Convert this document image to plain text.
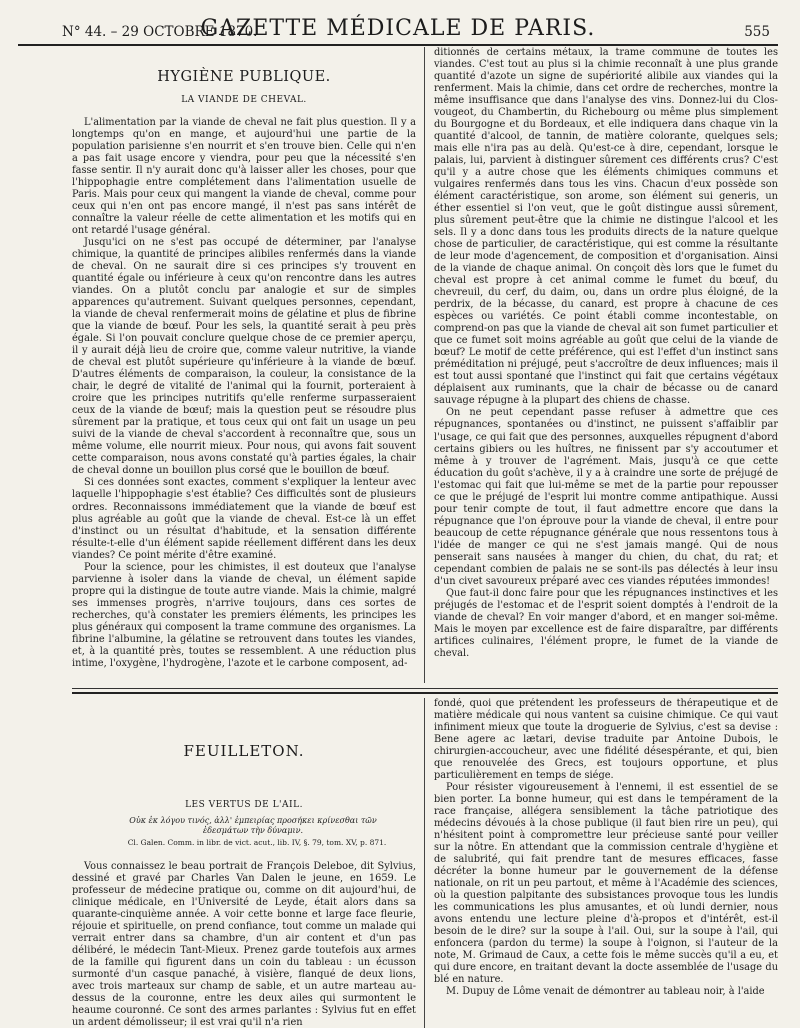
N° 44. – 29 OCTOBRE 1870.
GAZETTE MÉDICALE DE PARIS.	555
HYGIÈNE PUBLIQUE.
LA VIANDE DE CHEVAL.

L'alimentation par la viande de cheval ne fait plus question. Il y a longtemps qu'on en mange, et aujourd'hui une partie de la population parisienne s'en nourrit et s'en trouve bien. Celle qui n'en a pas fait usage encore y viendra, pour peu que la nécessité s'en fasse sentir. Il n'y aurait donc qu'à laisser aller les choses, pour que l'hippophagie entre complétement dans l'alimentation usuelle de Paris. Mais pour ceux qui mangent la viande de cheval, comme pour ceux qui n'en ont pas encore mangé, il n'est pas sans intérêt de connaître la valeur réelle de cette alimentation et les motifs qui en ont retardé l'usage général.

Jusqu'ici on ne s'est pas occupé de déterminer, par l'analyse chimique, la quantité de principes alibiles renfermés dans la viande de cheval. On ne saurait dire si ces principes s'y trouvent en quantité égale ou inférieure à ceux qu'on rencontre dans les autres viandes. On a plutôt conclu par analogie et sur de simples apparences qu'autrement. Suivant quelques personnes, cependant, la viande de cheval renfermerait moins de gélatine et plus de fibrine que la viande de bœuf. Pour les sels, la quantité serait à peu près égale. Si l'on pouvait conclure quelque chose de ce premier aperçu, il y aurait déjà lieu de croire que, comme valeur nutritive, la viande de cheval est plutôt supérieure qu'inférieure à la viande de bœuf. D'autres éléments de comparaison, la couleur, la consistance de la chair, le degré de vitalité de l'animal qui la fournit, porteraient à croire que les principes nutritifs qu'elle renferme surpasseraient ceux de la viande de bœuf; mais la question peut se résoudre plus sûrement par la pratique, et tous ceux qui ont fait un usage un peu suivi de la viande de cheval s'accordent à reconnaître que, sous un même volume, elle nourrit mieux. Pour nous, qui avons fait souvent cette comparaison, nous avons constaté qu'à parties égales, la chair de cheval donne un bouillon plus corsé que le bouillon de bœuf.

Si ces données sont exactes, comment s'expliquer la lenteur avec laquelle l'hippophagie s'est établie? Ces difficultés sont de plusieurs ordres. Reconnaissons immédiatement que la viande de bœuf est plus agréable au goût que la viande de cheval. Est-ce là un effet d'instinct ou un résultat d'habitude, et la sensation différente résulte-t-elle d'un élément sapide réellement différent dans les deux viandes? Ce point mérite d'être examiné.

Pour la science, pour les chimistes, il est douteux que l'analyse parvienne à isoler dans la viande de cheval, un élément sapide propre qui la distingue de toute autre viande. Mais la chimie, malgré ses immenses progrès, n'arrive toujours, dans ces sortes de recherches, qu'à constater les premiers éléments, les principes les plus généraux qui composent la trame commune des organismes. La fibrine l'albumine, la gélatine se retrouvent dans toutes les viandes, et, à la quantité près, toutes se ressemblent. A une réduction plus intime, l'oxygène, l'hydrogène, l'azote et le carbone composent, ad-

ditionnés de certains métaux, la trame commune de toutes les viandes. C'est tout au plus si la chimie reconnaît à une plus grande quantité d'azote un signe de supériorité alibile aux viandes qui la renferment. Mais la chimie, dans cet ordre de recherches, montre la même insuffisance que dans l'analyse des vins. Donnez-lui du Clos-vougeot, du Chambertin, du Richebourg ou même plus simplement du Bourgogne et du Bordeaux, et elle indiquera dans chaque vin la quantité d'alcool, de tannin, de matière colorante, quelques sels; mais elle n'ira pas au delà. Qu'est-ce à dire, cependant, lorsque le palais, lui, parvient à distinguer sûrement ces différents crus? C'est qu'il y a autre chose que les éléments chimiques communs et vulgaires renfermés dans tous les vins. Chacun d'eux possède son élément caractéristique, son arome, son élément sui generis, un éther essentiel si l'on veut, que le goût distingue aussi sûrement, plus sûrement peut-être que la chimie ne distingue l'alcool et les sels. Il y a donc dans tous les produits directs de la nature quelque chose de particulier, de caractéristique, qui est comme la résultante de leur mode d'agencement, de composition et d'organisation. Ainsi de la viande de chaque animal. On conçoit dès lors que le fumet du cheval est propre à cet animal comme le fumet du bœuf, du chevreuil, du cerf, du daim, ou, dans un ordre plus éloigné, de la perdrix, de la bécasse, du canard, est propre à chacune de ces espèces ou variétés. Ce point établi comme incontestable, on comprend-on pas que la viande de cheval ait son fumet particulier et que ce fumet soit moins agréable au goût que celui de la viande de bœuf? Le motif de cette préférence, qui est l'effet d'un instinct sans préméditation ni préjugé, peut s'accroître de deux influences; mais il est tout aussi spontané que l'instinct qui fait que certains végétaux déplaisent aux ruminants, que la chair de bécasse ou de canard sauvage répugne à la plupart des chiens de chasse.

On ne peut cependant passe refuser à admettre que ces répugnances, spontanées ou d'instinct, ne puissent s'affaiblir par l'usage, ce qui fait que des personnes, auxquelles répugnent d'abord certains gibiers ou les huîtres, ne finissent par s'y accoutumer et même à y trouver de l'agrément. Mais, jusqu'à ce que cette éducation du goût s'achève, il y a à craindre une sorte de préjugé de l'estomac qui fait que lui-même se met de la partie pour repousser ce que le préjugé de l'esprit lui montre comme antipathique. Aussi pour tenir compte de tout, il faut admettre encore que dans la répugnance que l'on éprouve pour la viande de cheval, il entre pour beaucoup de cette répugnance générale que nous ressentons tous à l'idée de manger ce qui ne s'est jamais mangé. Qui de nous penserait sans nausées à manger du chien, du chat, du rat; et cependant combien de palais ne se sont-ils pas délectés à leur insu d'un civet savoureux préparé avec ces viandes réputées immondes!

Que faut-il donc faire pour que les répugnances instinctives et les préjugés de l'estomac et de l'esprit soient domptés à l'endroit de la viande de cheval? En voir manger d'abord, et en manger soi-même. Mais le moyen par excellence est de faire disparaître, par différents artifices culinaires, l'élément propre, le fumet de la viande de cheval.

FEUILLETON.
LES VERTUS DE L'AIL.
Οὐκ ἐκ λόγου τινός, ἀλλ' ἐμπειρίας προσήκει κρίνεσθαι τῶν ἐδεσμάτων τὴν δύναμιν.
Cl. Galen. Comm. in libr. de vict. acut., lib. IV, §. 79, tom. XV, p. 871.

Vous connaissez le beau portrait de François Deleboe, dit Sylvius, dessiné et gravé par Charles Van Dalen le jeune, en 1659. Le professeur de médecine pratique ou, comme on dit aujourd'hui, de clinique médicale, en l'Université de Leyde, était alors dans sa quarante-cinquième année. A voir cette bonne et large face fleurie, réjouie et spirituelle, on prend confiance, tout comme un malade qui verrait entrer dans sa chambre, d'un air content et d'un pas délibéré, le médecin Tant-Mieux. Prenez garde toutefois aux armes de la famille qui figurent dans un coin du tableau : un écusson surmonté d'un casque panaché, à visière, flanqué de deux lions, avec trois marteaux sur champ de sable, et un autre marteau au-dessus de la couronne, entre les deux ailes qui surmontent le heaume couronné. Ce sont des armes parlantes : Sylvius fut en effet un ardent démolisseur; il est vrai qu'il n'a rien

fondé, quoi que prétendent les professeurs de thérapeutique et de matière médicale qui nous vantent sa cuisine chimique. Ce qui vaut infiniment mieux que toute la droguerie de Sylvius, c'est sa devise : Bene agere ac lætari, devise traduite par Antoine Dubois, le chirurgien-accoucheur, avec une fidélité désespérante, et qui, bien que renouvelée des Grecs, est toujours opportune, et plus particulièrement en temps de siége.

Pour résister vigoureusement à l'ennemi, il est essentiel de se bien porter. La bonne humeur, qui est dans le tempérament de la race française, allégera sensiblement la tâche patriotique des médecins dévoués à la chose publique (il faut bien rire un peu), qui n'hésitent point à compromettre leur précieuse santé pour veiller sur la nôtre. En attendant que la commission centrale d'hygiène et de salubrité, qui fait prendre tant de mesures efficaces, fasse décréter la bonne humeur par le gouvernement de la défense nationale, on rit un peu partout, et même à l'Académie des sciences, où la question palpitante des subsistances provoque tous les lundis les communications les plus amusantes, et où lundi dernier, nous avons entendu une lecture pleine d'à-propos et d'intérêt, est-il besoin de le dire? sur la soupe à l'ail. Oui, sur la soupe à l'ail, qui enfoncera (pardon du terme) la soupe à l'oignon, si l'auteur de la note, M. Grimaud de Caux, a cette fois le même succès qu'il a eu, et qui dure encore, en traitant devant la docte assemblée de l'usage du blé en nature.

M. Dupuy de Lôme venait de démontrer au tableau noir, à l'aide
